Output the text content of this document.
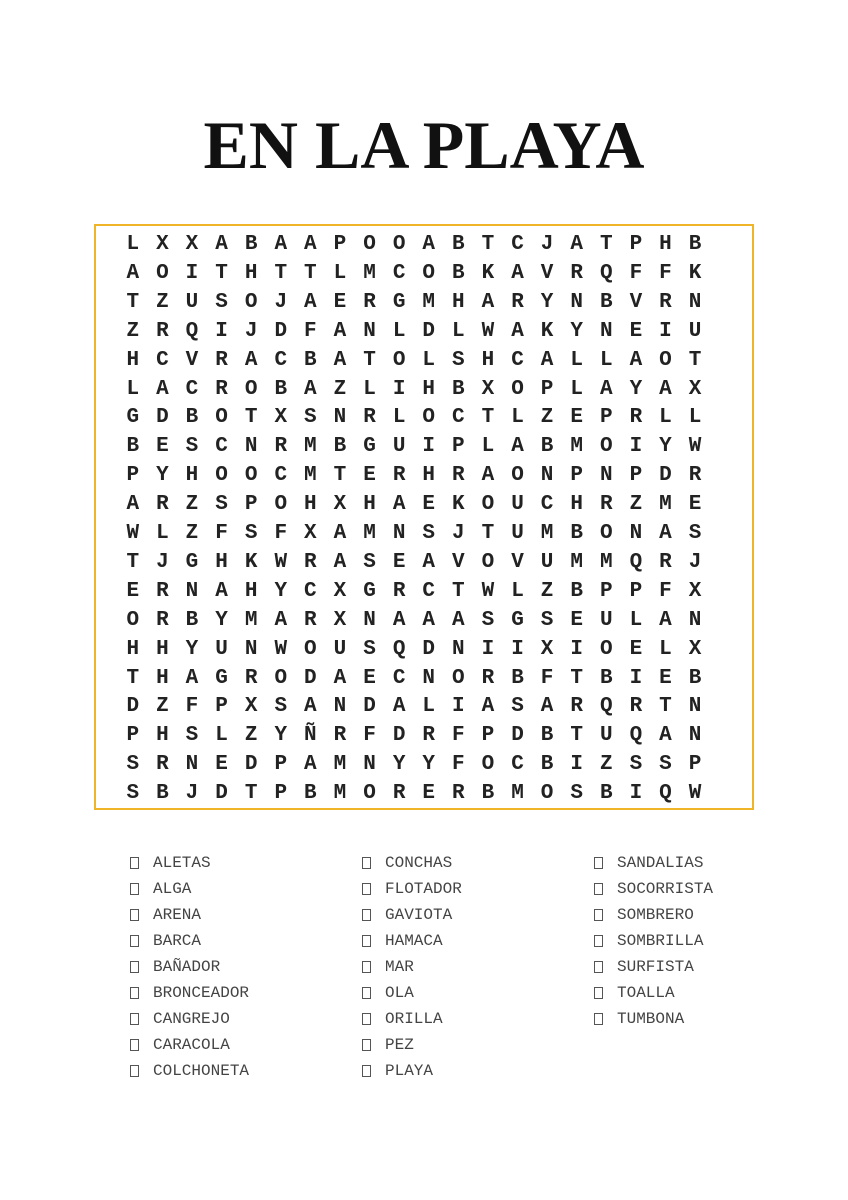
EN LA PLAYA
L X X A B A A P O O A B T C J A T P H B
A O I T H T T L M C O B K A V R Q F F K
T Z U S O J A E R G M H A R Y N B V R N
Z R Q I J D F A N L D L W A K Y N E I U
H C V R A C B A T O L S H C A L L A O T
L A C R O B A Z L I H B X O P L A Y A X
G D B O T X S N R L O C T L Z E P R L L
B E S C N R M B G U I P L A B M O I Y W
P Y H O O C M T E R H R A O N P N P D R
A R Z S P O H X H A E K O U C H R Z M E
W L Z F S F X A M N S J T U M B O N A S
T J G H K W R A S E A V O V U M M Q R J
E R N A H Y C X G R C T W L Z B P P F X
O R B Y M A R X N A A A S G S E U L A N
H H Y U N W O U S Q D N I I X I O E L X
T H A G R O D A E C N O R B F T B I E B
D Z F P X S A N D A L I A S A R Q R T N
P H S L Z Y Ñ R F D R F P D B T U Q A N
S R N E D P A M N Y Y F O C B I Z S S P
S B J D T P B M O R E R B M O S B I Q W
ALETAS
ALGA
ARENA
BARCA
BAÑADOR
BRONCEADOR
CANGREJO
CARACOLA
COLCHONETA
CONCHAS
FLOTADOR
GAVIOTA
HAMACA
MAR
OLA
ORILLA
PEZ
PLAYA
SANDALIAS
SOCORRISTA
SOMBRERO
SOMBRILLA
SURFISTA
TOALLA
TUMBONA
